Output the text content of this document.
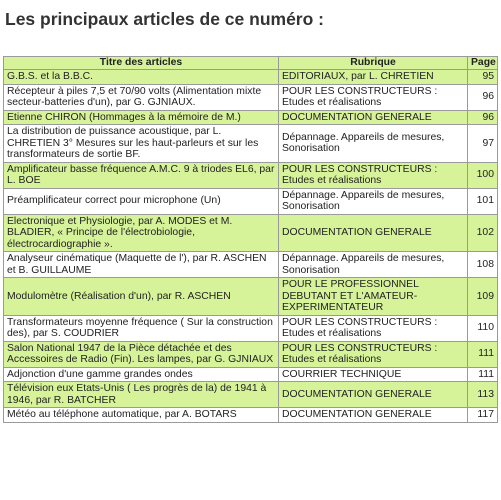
Les principaux articles de ce numéro :
Titre des articles	Rubrique	Page
G.B.S. et la B.B.C.	EDITORIAUX, par L. CHRETIEN	95
Récepteur à piles 7,5 et 70/90 volts (Alimentation mixte secteur-batteries d'un), par G. GJNIAUX.	POUR LES CONSTRUCTEURS : Etudes et réalisations	96
Etienne CHIRON (Hommages à la mémoire de M.)	DOCUMENTATION GENERALE	96
La distribution de puissance acoustique, par L. CHRETIEN 3° Mesures sur les haut-parleurs et sur les transformateurs de sortie BF.	Dépannage. Appareils de mesures, Sonorisation	97
Amplificateur basse fréquence A.M.C. 9 à triodes EL6, par L. BOE	POUR LES CONSTRUCTEURS : Etudes et réalisations	100
Préamplificateur correct pour microphone (Un)	Dépannage. Appareils de mesures, Sonorisation	101
Electronique et Physiologie, par A. MODES et M. BLADIER, « Principe de l'électrobiologie, électrocardiographie ».	DOCUMENTATION GENERALE	102
Analyseur cinématique (Maquette de l'), par R. ASCHEN et B. GUILLAUME	Dépannage. Appareils de mesures, Sonorisation	108
Modulomètre (Réalisation d'un), par R. ASCHEN	POUR LE PROFESSIONNEL DEBUTANT ET L'AMATEUR-EXPERIMENTATEUR	109
Transformateurs moyenne fréquence ( Sur la construction des), par S. COUDRIER	POUR LES CONSTRUCTEURS : Etudes et réalisations	110
Salon National 1947 de la Pièce détachée et des Accessoires de Radio (Fin). Les lampes, par G. GJNIAUX	POUR LES CONSTRUCTEURS : Etudes et réalisations	111
Adjonction d'une gamme grandes ondes	COURRIER TECHNIQUE	111
Télévision eux Etats-Unis ( Les progrès de la) de 1941 à 1946, par R. BATCHER	DOCUMENTATION GENERALE	113
Météo au téléphone automatique, par A. BOTARS	DOCUMENTATION GENERALE	117
